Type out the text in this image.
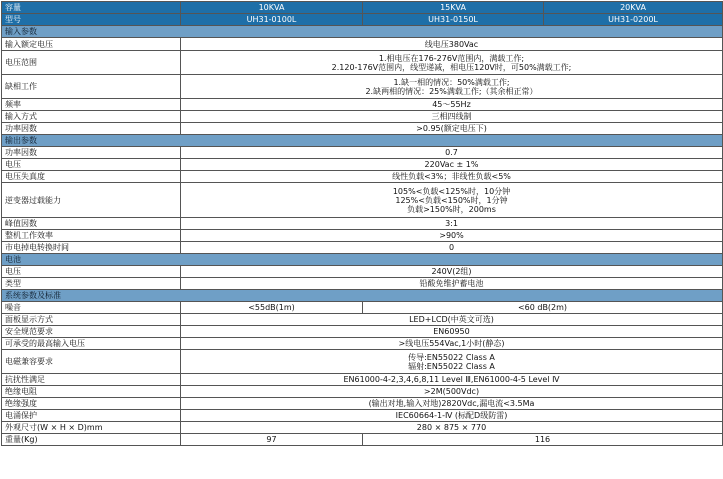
容量	10KVA	15KVA	20KVA
型号	UH31-0100L	UH31-0150L	UH31-0200L
输入参数			
输入额定电压	线电压380Vac		
电压范围	1.相电压在176-276V范围内，满载工作;
2.120-176V范围内，线型递减，相电压120V时，可50%满载工作;		

缺相工作	1.缺一相的情况：50%满载工作;
2.缺两相的情况：25%满载工作;（其余相正常）		

频率	45～55Hz		
输入方式	三相四线制		
功率因数	>0.95(额定电压下)		
输出参数			
功率因数	0.7		
电压	220Vac ± 1%		
电压失真度	线性负载<3%；非线性负载<5%		
逆变器过载能力	105%<负载<125%时，10分钟
125%<负载<150%时，1分钟
负载>150%时，200ms		

峰值因数	3:1		
整机工作效率	>90%		
市电掉电转换时间	0		
电池			
电压	240V(2组)		
类型	铅酸免维护蓄电池		
系统参数及标准			
噪音	<55dB(1m)	<60 dB(2m)	
面板显示方式	LED+LCD(中英文可选)		
安全规范要求	EN60950		
可承受的最高输入电压	>线电压554Vac,1小时(静态)		
电磁兼容要求	传导:EN55022 Class A
辐射:EN55022 Class A		

抗扰性满足	EN61000-4-2,3,4,6,8,11 Level Ⅲ,EN61000-4-5 Level Ⅳ		
绝缘电阻	>2M(500Vdc)		
绝缘强度	(输出对地,输入对地)2820Vdc,漏电流<3.5Ma		
电涌保护	IEC60664-1-Ⅳ (标配D级防雷)		
外观尺寸(W × H × D)mm	280 × 875 × 770		
重量(Kg)	97	116	
